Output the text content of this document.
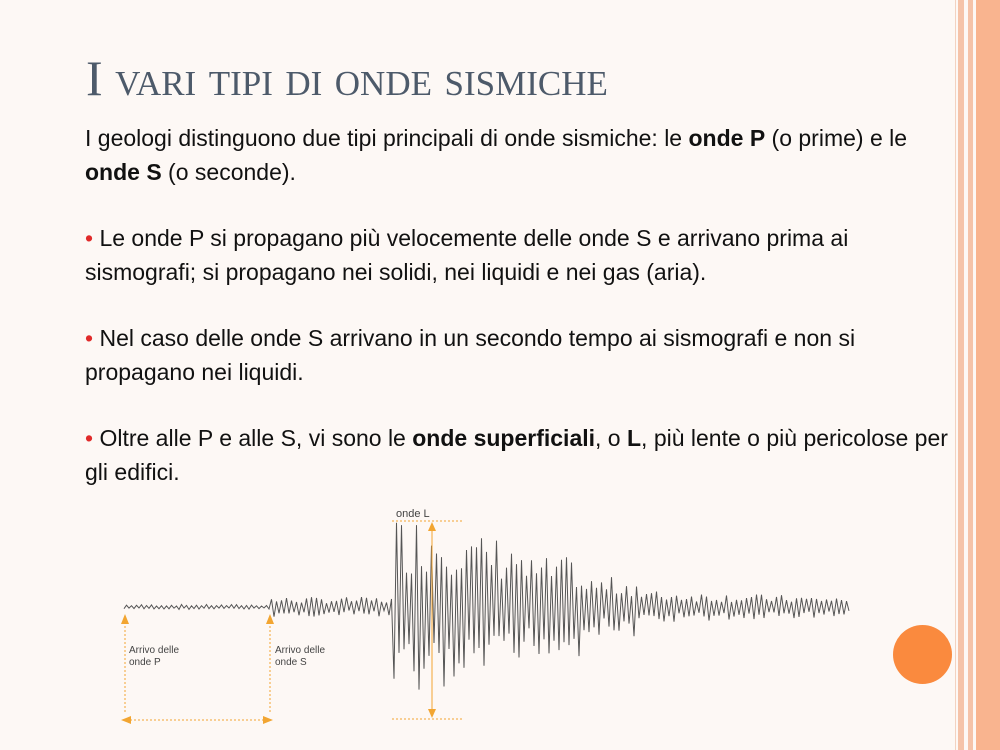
I vari tipi di onde sismiche

I geologi distinguono due tipi principali di onde sismiche: le onde P (o prime) e le onde S (o seconde).

• Le onde P si propagano più velocemente delle onde S e arrivano prima ai sismografi; si propagano nei solidi, nei liquidi e nei gas (aria).

• Nel caso delle onde S arrivano in un secondo tempo ai sismografi e non si propagano nei liquidi.

• Oltre alle P e alle S, vi sono le onde superficiali, o L, più lente o più pericolose per gli edifici.

onde L
Arrivo delle
onde P
Arrivo delle
onde S
